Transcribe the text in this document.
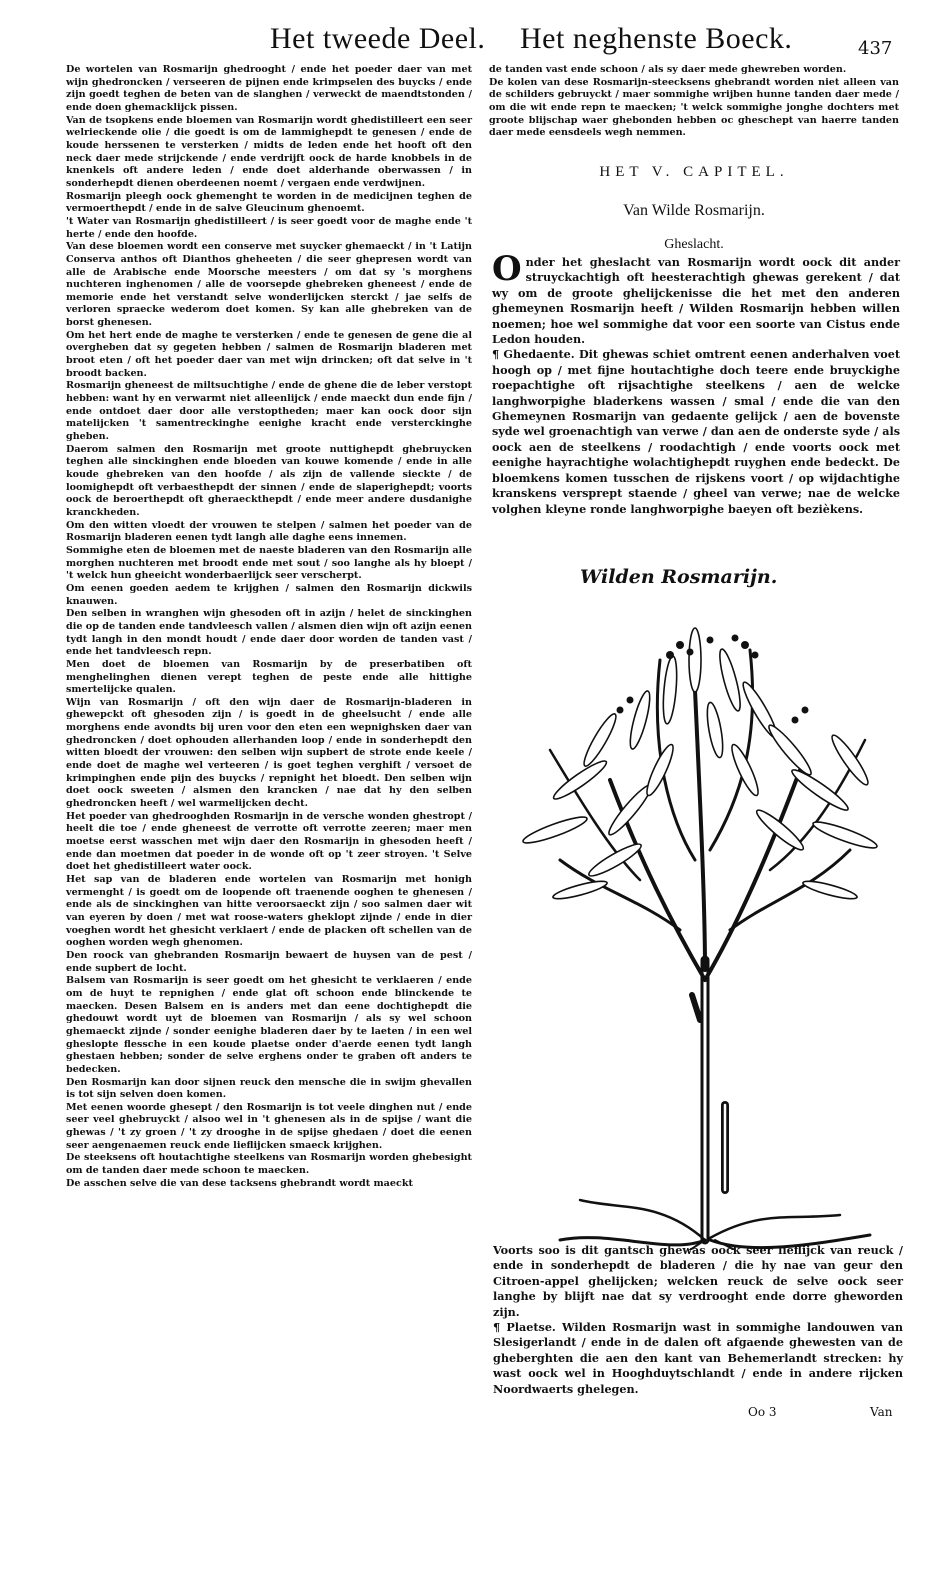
Het tweede Deel. Het neghenste Boeck.	437

De wortelen van Rosmarijn ghedrooght / ende het poeder daer van met wijn ghedroncken / verseeren de pijnen ende krimpselen des buycks / ende zijn goedt teghen de beten van de slanghen / verweckt de maendtstonden / ende doen ghemacklijck pissen.

Van de tsopkens ende bloemen van Rosmarijn wordt ghedistilleert een seer welrieckende olie / die goedt is om de lammighepdt te genesen / ende de koude herssenen te versterken / midts de leden ende het hooft oft den neck daer mede strijckende / ende verdrijft oock de harde knobbels in de knenkels oft andere leden / ende doet alderhande oberwassen / in sonderhepdt dienen oberdeenen noemt / vergaen ende verdwijnen.

Rosmarijn pleegh oock ghemenght te worden in de medicijnen teghen de vermoerthepdt / ende in de salve Gleucinum ghenoemt.

't Water van Rosmarijn ghedistilleert / is seer goedt voor de maghe ende 't herte / ende den hoofde.

Van dese bloemen wordt een conserve met suycker ghemaeckt / in 't Latijn Conserva anthos oft Dianthos gheheeten / die seer ghepresen wordt van alle de Arabische ende Moorsche meesters / om dat sy 's morghens nuchteren inghenomen / alle de voorsepde ghebreken gheneest / ende de memorie ende het verstandt selve wonderlijcken sterckt / jae selfs de verloren spraecke wederom doet komen. Sy kan alle ghebreken van de borst ghenesen.

Om het hert ende de maghe te versterken / ende te genesen de gene die al overgheben dat sy gegeten hebben / salmen de Rosmarijn bladeren met broot eten / oft het poeder daer van met wijn drincken; oft dat selve in 't broodt backen.

Rosmarijn gheneest de miltsuchtighe / ende de ghene die de leber verstopt hebben: want hy en verwarmt niet alleenlijck / ende maeckt dun ende fijn / ende ontdoet daer door alle verstoptheden; maer kan oock door sijn matelijcken 't samentreckinghe eenighe kracht ende versterckinghe gheben.

Daerom salmen den Rosmarijn met groote nuttighepdt ghebruycken teghen alle sinckinghen ende bloeden van kouwe komende / ende in alle koude ghebreken van den hoofde / als zijn de vallende sieckte / de loomighepdt oft verbaesthepdt der sinnen / ende de slaperighepdt; voorts oock de beroerthepdt oft gheraeckthepdt / ende meer andere dusdanighe kranckheden.

Om den witten vloedt der vrouwen te stelpen / salmen het poeder van de Rosmarijn bladeren eenen tydt langh alle daghe eens innemen.

Sommighe eten de bloemen met de naeste bladeren van den Rosmarijn alle morghen nuchteren met broodt ende met sout / soo langhe als hy bloept / 't welck hun gheeicht wonderbaerlijck seer verscherpt.

Om eenen goeden aedem te krijghen / salmen den Rosmarijn dickwils knauwen.

Den selben in wranghen wijn ghesoden oft in azijn / helet de sinckinghen die op de tanden ende tandvleesch vallen / alsmen dien wijn oft azijn eenen tydt langh in den mondt houdt / ende daer door worden de tanden vast / ende het tandvleesch repn.

Men doet de bloemen van Rosmarijn by de preserbatiben oft menghelinghen dienen verept teghen de peste ende alle hittighe smertelijcke qualen.

Wijn van Rosmarijn / oft den wijn daer de Rosmarijn-bladeren in ghewepckt oft ghesoden zijn / is goedt in de gheelsucht / ende alle morghens ende avondts bij uren voor den eten een wepnighsken daer van ghedroncken / doet ophouden allerhanden loop / ende in sonderhepdt den witten bloedt der vrouwen: den selben wijn supbert de strote ende keele / ende doet de maghe wel verteeren / is goet teghen verghift / versoet de krimpinghen ende pijn des buycks / repnight het bloedt. Den selben wijn doet oock sweeten / alsmen den krancken / nae dat hy den selben ghedroncken heeft / wel warmelijcken decht.

Het poeder van ghedrooghden Rosmarijn in de versche wonden ghestropt / heelt die toe / ende gheneest de verrotte oft verrotte zeeren; maer men moetse eerst wasschen met wijn daer den Rosmarijn in ghesoden heeft / ende dan moetmen dat poeder in de wonde oft op 't zeer stroyen. 't Selve doet het ghedistilleert water oock.

Het sap van de bladeren ende wortelen van Rosmarijn met honigh vermenght / is goedt om de loopende oft traenende ooghen te ghenesen / ende als de sinckinghen van hitte veroorsaeckt zijn / soo salmen daer wit van eyeren by doen / met wat roose-waters gheklopt zijnde / ende in dier voeghen wordt het ghesicht verklaert / ende de placken oft schellen van de ooghen worden wegh ghenomen.

Den roock van ghebranden Rosmarijn bewaert de huysen van de pest / ende supbert de locht.

Balsem van Rosmarijn is seer goedt om het ghesicht te verklaeren / ende om de huyt te repnighen / ende glat oft schoon ende blinckende te maecken. Desen Balsem en is anders met dan eene dochtighepdt die ghedouwt wordt uyt de bloemen van Rosmarijn / als sy wel schoon ghemaeckt zijnde / sonder eenighe bladeren daer by te laeten / in een wel gheslopte flessche in een koude plaetse onder d'aerde eenen tydt langh ghestaen hebben; sonder de selve erghens onder te graben oft anders te bedecken.

Den Rosmarijn kan door sijnen reuck den mensche die in swijm ghevallen is tot sijn selven doen komen.

Met eenen woorde ghesept / den Rosmarijn is tot veele dinghen nut / ende seer veel ghebruyckt / alsoo wel in 't ghenesen als in de spijse / want die ghewas / 't zy groen / 't zy drooghe in de spijse ghedaen / doet die eenen seer aengenaemen reuck ende lieflijcken smaeck krijghen.

De steeksens oft houtachtighe steelkens van Rosmarijn worden ghebesight om de tanden daer mede schoon te maecken.

De asschen selve die van dese tacksens ghebrandt wordt maeckt

de tanden vast ende schoon / als sy daer mede ghewreben worden.

De kolen van dese Rosmarijn-steecksens ghebrandt worden niet alleen van de schilders gebruyckt / maer sommighe wrijben hunne tanden daer mede / om die wit ende repn te maecken; 't welck sommighe jonghe dochters met groote blijschap waer ghebonden hebben oc gheschept van haerre tanden daer mede eensdeels wegh nemmen.

HET V. CAPITEL.
Van Wilde Rosmarijn.
Gheslacht.

Onder het gheslacht van Rosmarijn wordt oock dit ander struyckachtigh oft heesterachtigh ghewas gerekent / dat wy om de groote ghelijckenisse die het met den anderen ghemeynen Rosmarijn heeft / Wilden Rosmarijn hebben willen noemen; hoe wel sommighe dat voor een soorte van Cistus ende Ledon houden.

¶ Ghedaente. Dit ghewas schiet omtrent eenen anderhalven voet hoogh op / met fijne houtachtighe doch teere ende bruyckighe roepachtighe oft rijsachtighe steelkens / aen de welcke langhworpighe bladerkens wassen / smal / ende die van den Ghemeynen Rosmarijn van gedaente gelijck / aen de bovenste syde wel groenachtigh van verwe / dan aen de onderste syde / als oock aen de steelkens / roodachtigh / ende voorts oock met eenighe hayrachtighe wolachtighepdt ruyghen ende bedeckt. De bloemkens komen tusschen de rijskens voort / op wijdachtighe kranskens versprept staende / gheel van verwe; nae de welcke volghen kleyne ronde langhworpighe baeyen oft bezièkens.

Wilden Rosmarijn.

Voorts soo is dit gantsch ghewas oock seer lieflijck van reuck / ende in sonderhepdt de bladeren / die hy nae van geur den Citroen-appel ghelijcken; welcken reuck de selve oock seer langhe by blijft nae dat sy verdrooght ende dorre gheworden zijn.

¶ Plaetse. Wilden Rosmarijn wast in sommighe landouwen van Slesigerlandt / ende in de dalen oft afgaende ghewesten van de gheberghten die aen den kant van Behemerlandt strecken: hy wast oock wel in Hooghduytschlandt / ende in andere rijcken Noordwaerts ghelegen.

Oo 3	Van
